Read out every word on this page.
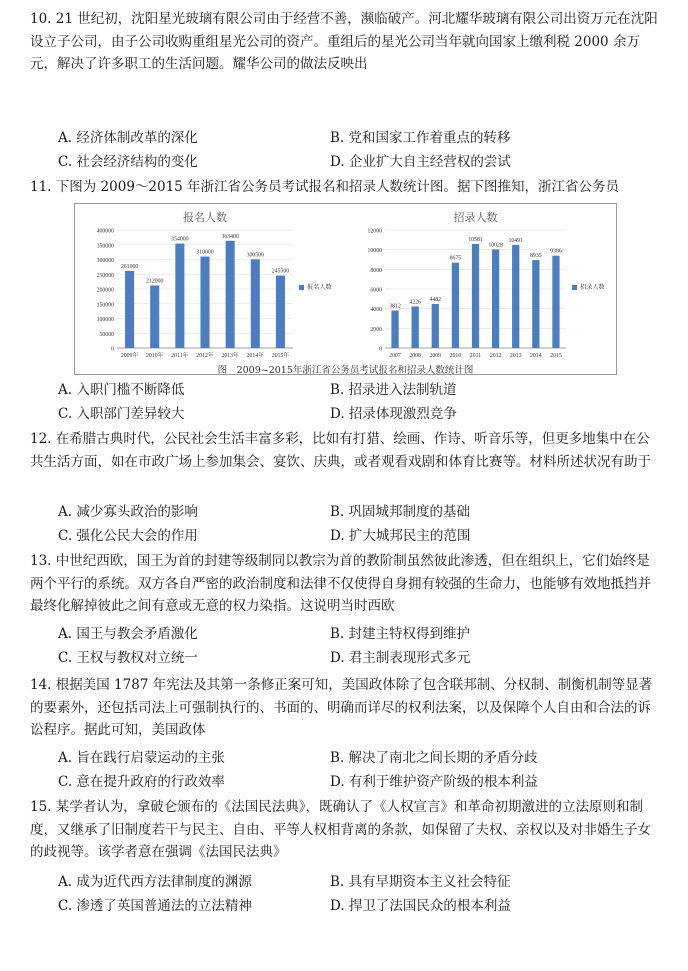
10. 21 世纪初，沈阳星光玻璃有限公司由于经营不善，濒临破产。河北耀华玻璃有限公司出资万元在沈阳设立子公司，由子公司收购重组星光公司的资产。重组后的星光公司当年就向国家上缴利税 2000 余万元，解决了许多职工的生活问题。耀华公司的做法反映出

A. 经济体制改革的深化	B. 党和国家工作着重点的转移
C. 社会经济结构的变化	D. 企业扩大自主经营权的尝试

11. 下图为 2009～2015 年浙江省公务员考试报名和招录人数统计图。据下图推知，浙江省公务员

报名人数
0
50000
100000
150000
200000
250000
300000
350000
400000
261000
2009年
212000
2010年
354000
2011年
310000
2012年
363400
2013年
300500
2014年
245500
2015年
报名人数
招录人数
0
2000
4000
6000
8000
10000
12000
3812
2007
4226
2008
4482
2009
8675
2010
10581
2011
10028
2012
10491
2013
8935
2014
9386
2015
招录人数
图　2009~2015年浙江省公务员考试报名和招录人数统计图
A. 入职门槛不断降低	B. 招录进入法制轨道
C. 入职部门差异较大	D. 招录体现激烈竞争

12. 在希腊古典时代，公民社会生活丰富多彩，比如有打猎、绘画、作诗、听音乐等，但更多地集中在公共生活方面，如在市政广场上参加集会、宴饮、庆典，或者观看戏剧和体育比赛等。材料所述状况有助于

A. 减少寡头政治的影响	B. 巩固城邦制度的基础
C. 强化公民大会的作用	D. 扩大城邦民主的范围

13. 中世纪西欧，国王为首的封建等级制同以教宗为首的教阶制虽然彼此渗透，但在组织上，它们始终是两个平行的系统。双方各自严密的政治制度和法律不仅使得自身拥有较强的生命力，也能够有效地抵挡并最终化解掉彼此之间有意或无意的权力染指。这说明当时西欧

A. 国王与教会矛盾激化	B. 封建主特权得到维护
C. 王权与教权对立统一	D. 君主制表现形式多元

14. 根据美国 1787 年宪法及其第一条修正案可知，美国政体除了包含联邦制、分权制、制衡机制等显著的要素外，还包括司法上可强制执行的、书面的、明确而详尽的权利法案，以及保障个人自由和合法的诉讼程序。据此可知，美国政体

A. 旨在践行启蒙运动的主张	B. 解决了南北之间长期的矛盾分歧
C. 意在提升政府的行政效率	D. 有利于维护资产阶级的根本利益

15. 某学者认为，拿破仑颁布的《法国民法典》，既确认了《人权宣言》和革命初期激进的立法原则和制度，又继承了旧制度若干与民主、自由、平等人权相背离的条款，如保留了夫权、亲权以及对非婚生子女的歧视等。该学者意在强调《法国民法典》

A. 成为近代西方法律制度的渊源	B. 具有早期资本主义社会特征
C. 渗透了英国普通法的立法精神	D. 捍卫了法国民众的根本利益
